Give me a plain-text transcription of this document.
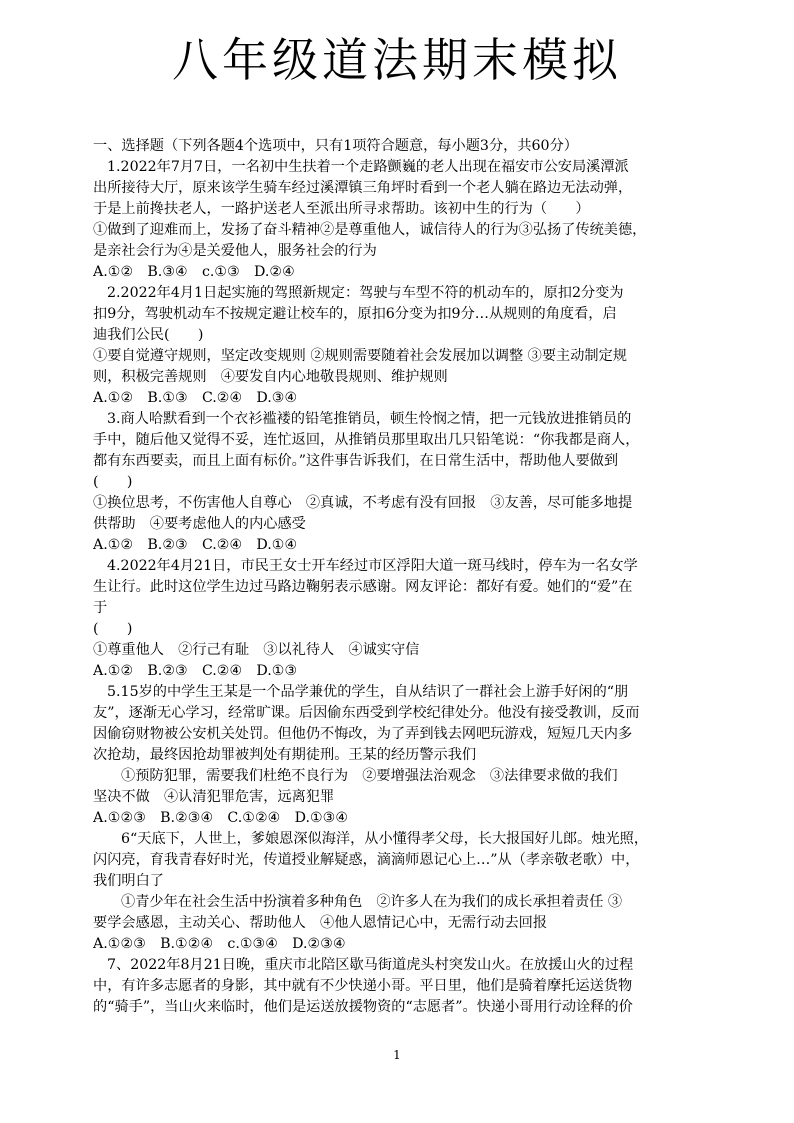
八年级道法期末模拟
一、选择题（下列各题4个选项中，只有1项符合题意，每小题3分，共60分）
1.2022年7月7日，一名初中生扶着一个走路颤巍的老人出现在福安市公安局溪潭派
出所接待大厅，原来该学生骑车经过溪潭镇三角坪时看到一个老人躺在路边无法动弹，
于是上前搀扶老人，一路护送老人至派出所寻求帮助。该初中生的行为（　　）
①做到了迎难而上，发扬了奋斗精神②是尊重他人，诚信待人的行为③弘扬了传统美德，
是亲社会行为④是关爱他人，服务社会的行为
A.①②　B.③④　c.①③　D.②④
2.2022年4月1日起实施的驾照新规定：驾驶与车型不符的机动车的，原扣2分变为
扣9分，驾驶机动车不按规定避让校车的，原扣6分变为扣9分…从规则的角度看，启
迪我们公民(　　)
①要自觉遵守规则，坚定改变规则 ②规则需要随着社会发展加以调整 ③要主动制定规
则，积极完善规则　④要发自内心地敬畏规则、维护规则
A.①②　B.①③　C.②④　D.③④
3.商人哈默看到一个衣衫褴褛的铅笔推销员，顿生怜悯之情，把一元钱放进推销员的
手中，随后他又觉得不妥，连忙返回，从推销员那里取出几只铅笔说：“你我都是商人，
都有东西要卖，而且上面有标价。”这件事告诉我们，在日常生活中，帮助他人要做到
(　　)
①换位思考，不伤害他人自尊心　②真诚，不考虑有没有回报　③友善，尽可能多地提
供帮助　④要考虑他人的内心感受
A.①②　B.②③　C.②④　D.①④
4.2022年4月21日，市民王女士开车经过市区浮阳大道一斑马线时，停车为一名女学
生让行。此时这位学生边过马路边鞠躬表示感谢。网友评论：都好有爱。她们的“爱”在
于
(　　)
①尊重他人　②行己有耻　③以礼待人　④诚实守信
A.①②　B.②③　C.②④　D.①③
5.15岁的中学生王某是一个品学兼优的学生，自从结识了一群社会上游手好闲的“朋
友”，逐渐无心学习，经常旷课。后因偷东西受到学校纪律处分。他没有接受教训，反而
因偷窃财物被公安机关处罚。但他仍不悔改，为了弄到钱去网吧玩游戏，短短几天内多
次抢劫，最终因抢劫罪被判处有期徒刑。王某的经历警示我们
①预防犯罪，需要我们杜绝不良行为　②要增强法治观念　③法律要求做的我们
坚决不做　④认清犯罪危害，远离犯罪
A.①②③　B.②③④　C.①②④　D.①③④
6“天底下，人世上，爹娘恩深似海洋，从小懂得孝父母，长大报国好儿郎。烛光照，
闪闪亮，育我青春好时光，传道授业解疑惑，滴滴师恩记心上…”从（孝亲敬老歌）中，
我们明白了
①青少年在社会生活中扮演着多种角色　②许多人在为我们的成长承担着责任 ③
要学会感恩，主动关心、帮助他人　④他人恩情记心中，无需行动去回报
A.①②③　B.①②④　c.①③④　D.②③④
7、2022年8月21日晚，重庆市北陪区歇马街道虎头村突发山火。在放援山火的过程
中，有许多志愿者的身影，其中就有不少快递小哥。平日里，他们是骑着摩托运送货物
的“骑手”，当山火来临时，他们是运送放援物资的“志愿者”。快递小哥用行动诠释的价
1
